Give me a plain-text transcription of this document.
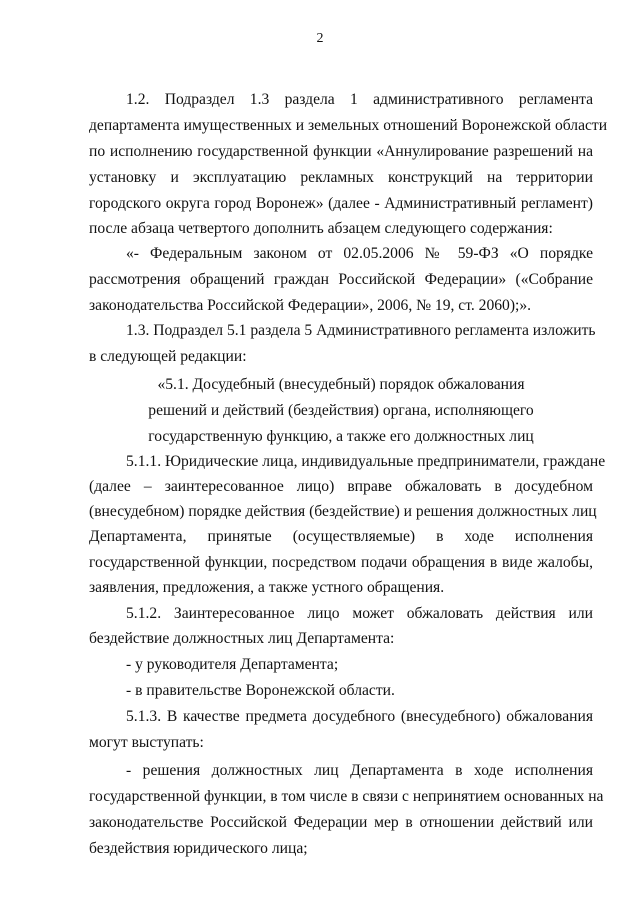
2
1.2. Подраздел 1.3 раздела 1 административного регламента
департамента имущественных и земельных отношений Воронежской области
по исполнению государственной функции «Аннулирование разрешений на
установку и эксплуатацию рекламных конструкций на территории
городского округа город Воронеж» (далее - Административный регламент)
после абзаца четвертого дополнить абзацем следующего содержания:
«- Федеральным законом от 02.05.2006 № 59-ФЗ «О порядке
рассмотрения обращений граждан Российской Федерации» («Собрание
законодательства Российской Федерации», 2006, № 19, ст. 2060);».
1.3. Подраздел 5.1 раздела 5 Административного регламента изложить
в следующей редакции:
«5.1. Досудебный (внесудебный) порядок обжалования
решений и действий (бездействия) органа, исполняющего
государственную функцию, а также его должностных лиц
5.1.1. Юридические лица, индивидуальные предприниматели, граждане
(далее – заинтересованное лицо) вправе обжаловать в досудебном
(внесудебном) порядке действия (бездействие) и решения должностных лиц
Департамента, принятые (осуществляемые) в ходе исполнения
государственной функции, посредством подачи обращения в виде жалобы,
заявления, предложения, а также устного обращения.
5.1.2. Заинтересованное лицо может обжаловать действия или
бездействие должностных лиц Департамента:
- у руководителя Департамента;
- в правительстве Воронежской области.
5.1.3. В качестве предмета досудебного (внесудебного) обжалования
могут выступать:
- решения должностных лиц Департамента в ходе исполнения
государственной функции, в том числе в связи с непринятием основанных на
законодательстве Российской Федерации мер в отношении действий или
бездействия юридического лица;
